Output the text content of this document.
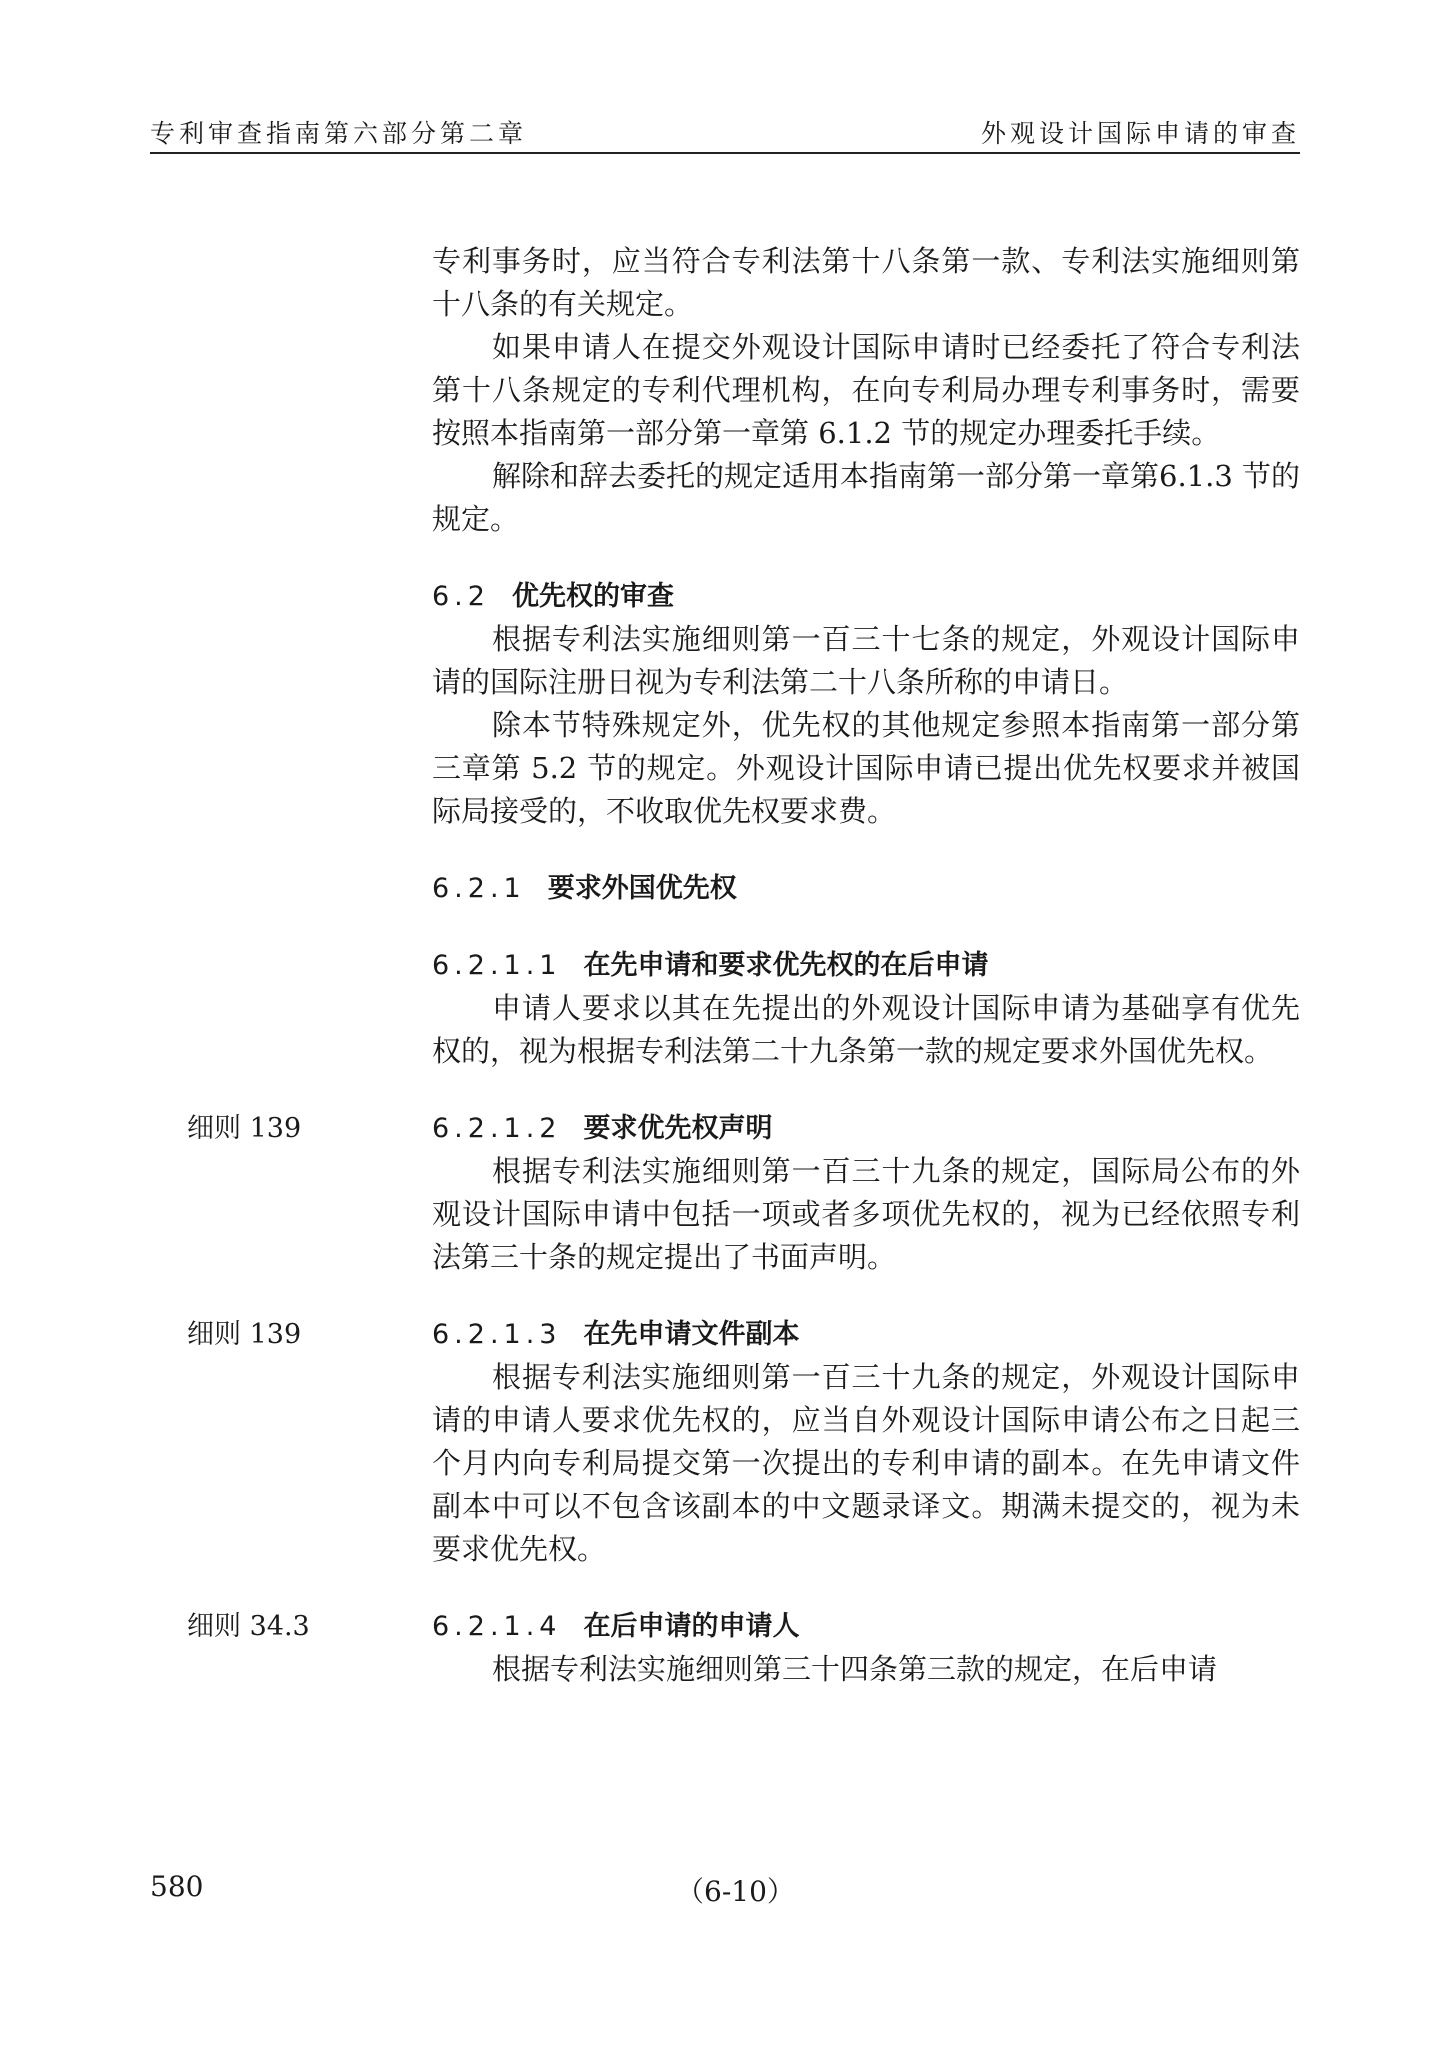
专利审查指南第六部分第二章	外观设计国际申请的审查

专利事务时，应当符合专利法第十八条第一款、专利法实施细则第十八条的有关规定。

如果申请人在提交外观设计国际申请时已经委托了符合专利法第十八条规定的专利代理机构，在向专利局办理专利事务时，需要按照本指南第一部分第一章第 6.1.2 节的规定办理委托手续。

解除和辞去委托的规定适用本指南第一部分第一章第6.1.3 节的规定。

6.2 优先权的审查

根据专利法实施细则第一百三十七条的规定，外观设计国际申请的国际注册日视为专利法第二十八条所称的申请日。

除本节特殊规定外，优先权的其他规定参照本指南第一部分第三章第 5.2 节的规定。外观设计国际申请已提出优先权要求并被国际局接受的，不收取优先权要求费。

6.2.1 要求外国优先权
6.2.1.1 在先申请和要求优先权的在后申请

申请人要求以其在先提出的外观设计国际申请为基础享有优先权的，视为根据专利法第二十九条第一款的规定要求外国优先权。

细则 139	6.2.1.2 要求优先权声明

根据专利法实施细则第一百三十九条的规定，国际局公布的外观设计国际申请中包括一项或者多项优先权的，视为已经依照专利法第三十条的规定提出了书面声明。

细则 139	6.2.1.3 在先申请文件副本

根据专利法实施细则第一百三十九条的规定，外观设计国际申请的申请人要求优先权的，应当自外观设计国际申请公布之日起三个月内向专利局提交第一次提出的专利申请的副本。在先申请文件副本中可以不包含该副本的中文题录译文。期满未提交的，视为未要求优先权。

细则 34.3	6.2.1.4 在后申请的申请人

根据专利法实施细则第三十四条第三款的规定，在后申请

580	（6-10）
